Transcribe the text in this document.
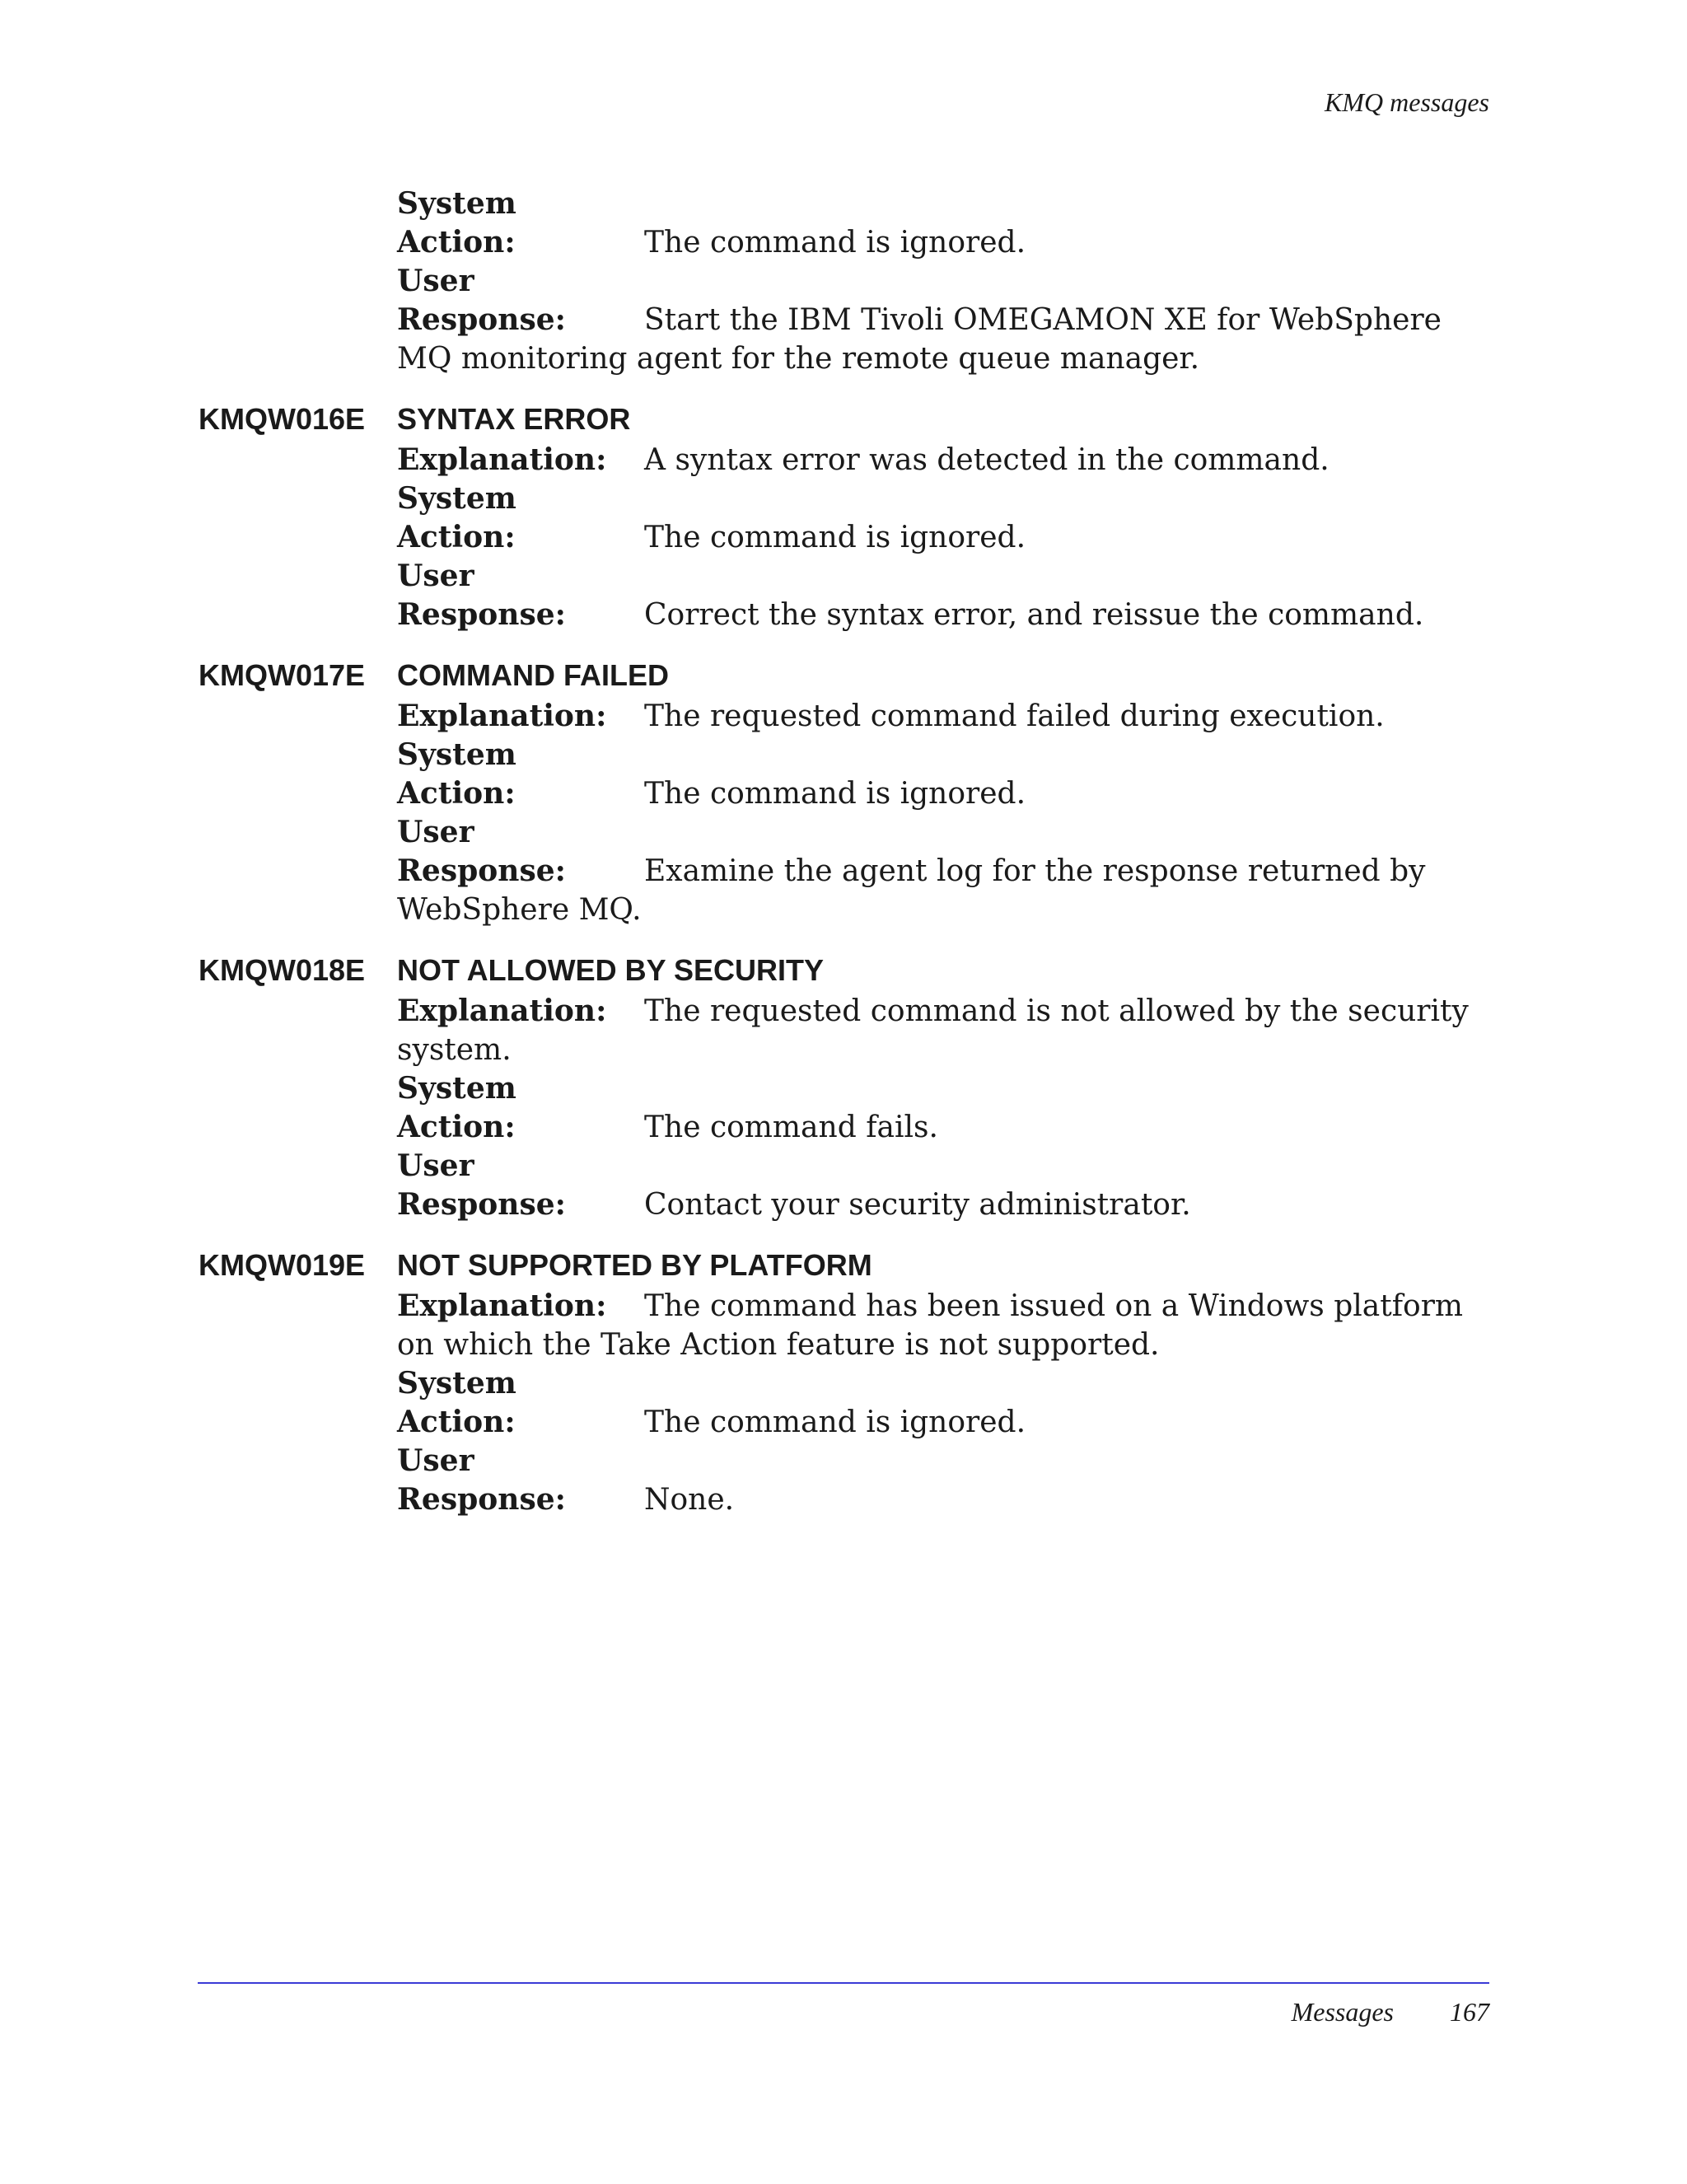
KMQ messages
System Action:	The command is ignored.
User Response:	Start the IBM Tivoli OMEGAMON XE for WebSphere MQ monitoring agent for the remote queue manager.
KMQW016E SYNTAX ERROR
Explanation: A syntax error was detected in the command.
System Action:	The command is ignored.
User Response:	Correct the syntax error, and reissue the command.
KMQW017E COMMAND FAILED
Explanation: The requested command failed during execution.
System Action:	The command is ignored.
User Response:	Examine the agent log for the response returned by WebSphere MQ.
KMQW018E NOT ALLOWED BY SECURITY
Explanation: The requested command is not allowed by the security system.
System Action:	The command fails.
User Response:	Contact your security administrator.
KMQW019E NOT SUPPORTED BY PLATFORM
Explanation: The command has been issued on a Windows platform on which the Take Action feature is not supported.
System Action:	The command is ignored.
User Response:	None.
Messages 167
